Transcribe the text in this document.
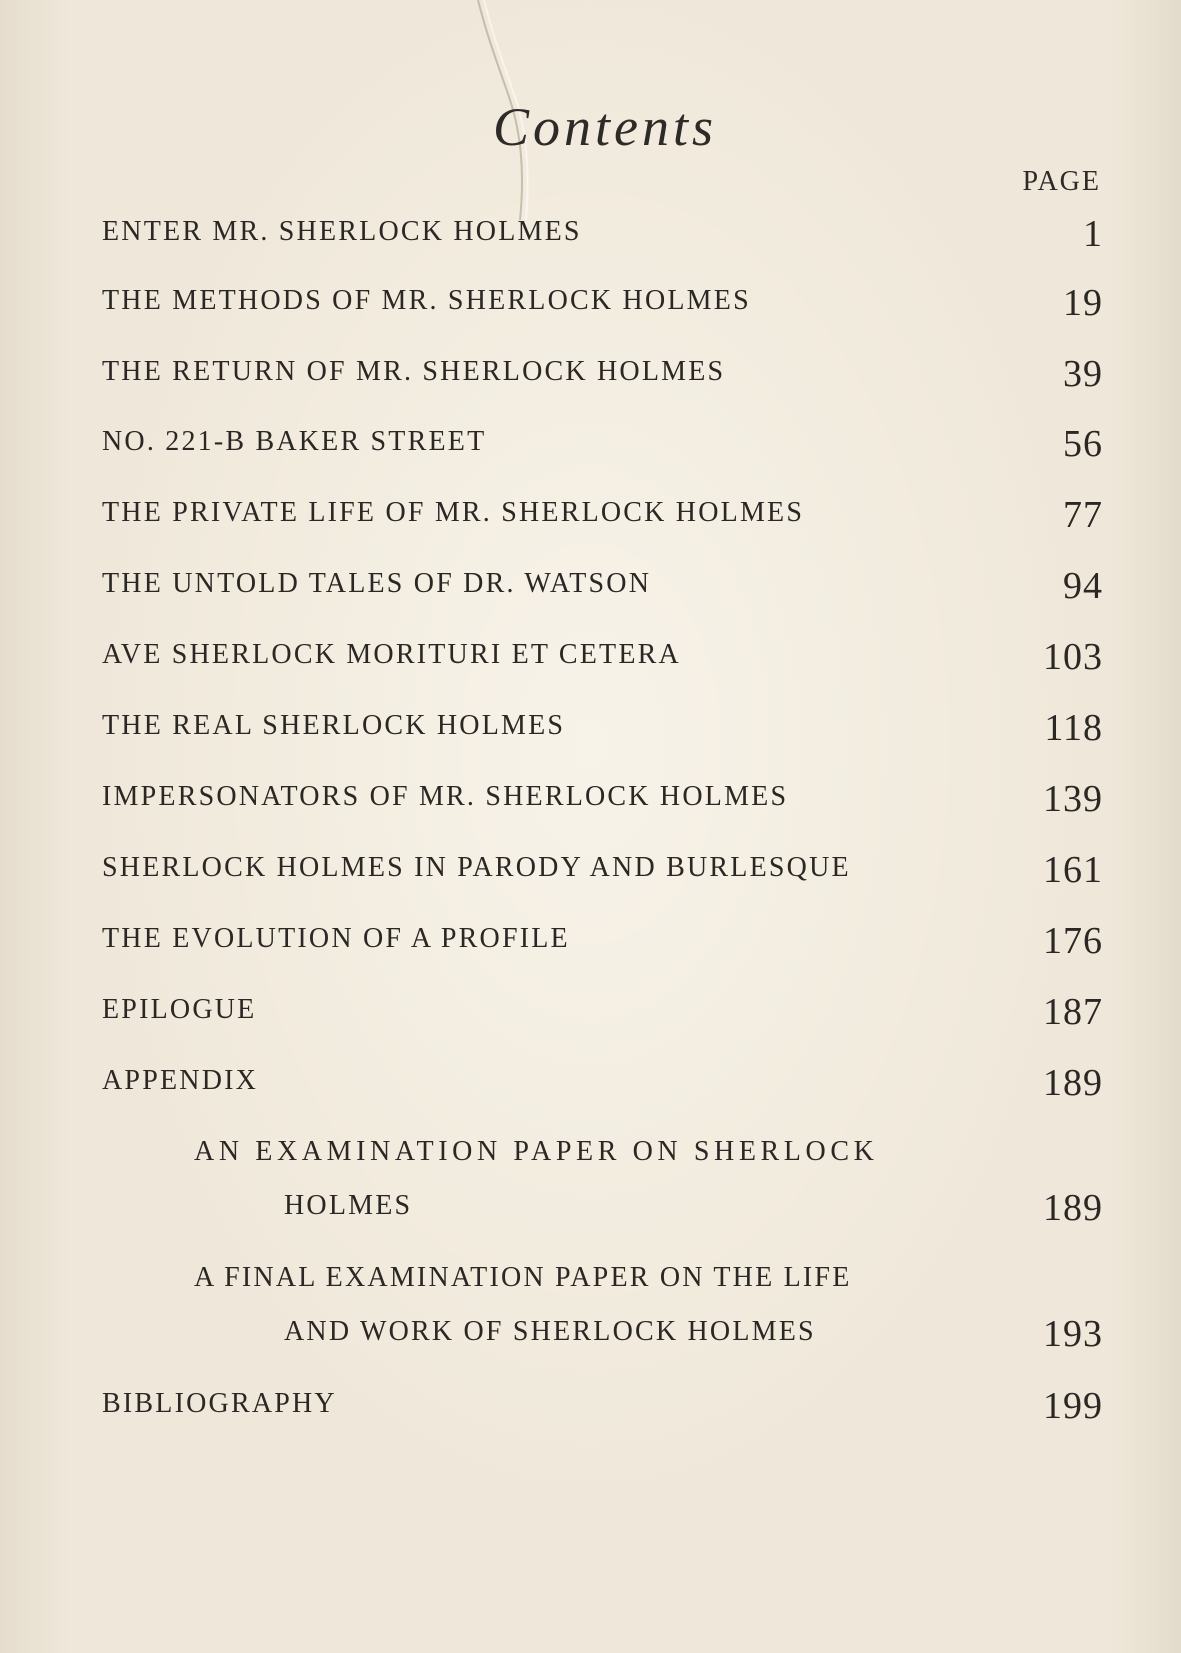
Contents
PAGE
ENTER MR. SHERLOCK HOLMES	1
THE METHODS OF MR. SHERLOCK HOLMES	19
THE RETURN OF MR. SHERLOCK HOLMES	39
NO. 221-B BAKER STREET	56
THE PRIVATE LIFE OF MR. SHERLOCK HOLMES	77
THE UNTOLD TALES OF DR. WATSON	94
AVE SHERLOCK MORITURI ET CETERA	103
THE REAL SHERLOCK HOLMES	118
IMPERSONATORS OF MR. SHERLOCK HOLMES	139
SHERLOCK HOLMES IN PARODY AND BURLESQUE	161
THE EVOLUTION OF A PROFILE	176
EPILOGUE	187
APPENDIX	189
AN EXAMINATION PAPER ON SHERLOCK
HOLMES	189
A FINAL EXAMINATION PAPER ON THE LIFE
AND WORK OF SHERLOCK HOLMES	193
BIBLIOGRAPHY	199
